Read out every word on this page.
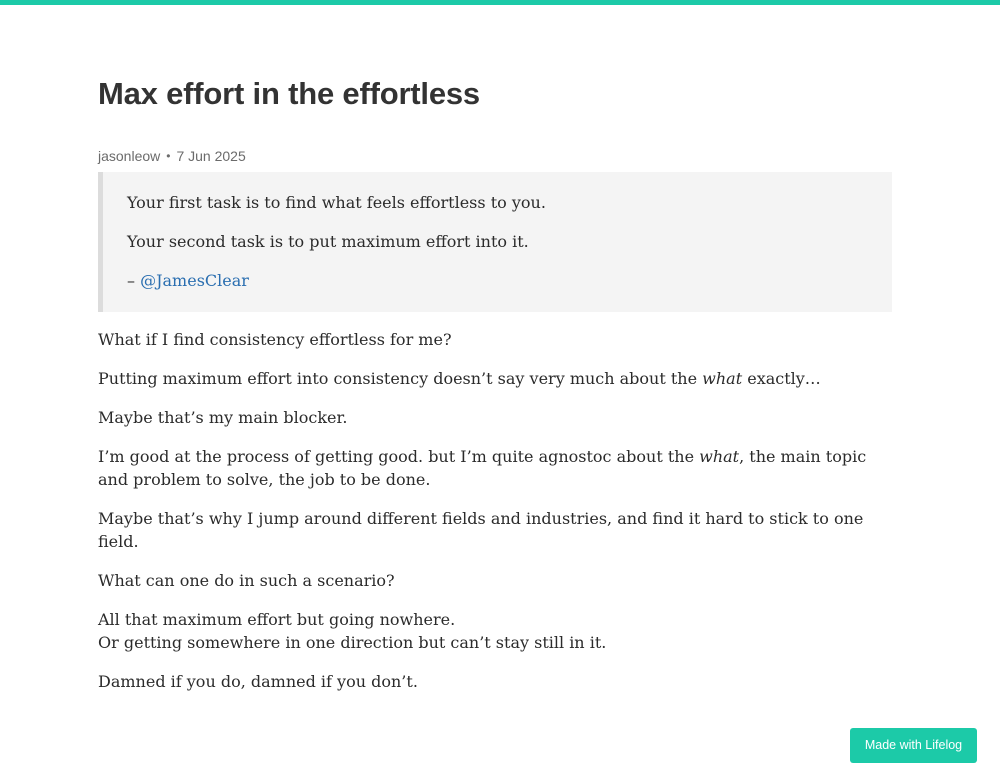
Max effort in the effortless
jasonleow • 7 Jun 2025

Your first task is to find what feels effortless to you.

Your second task is to put maximum effort into it.

– @JamesClear

What if I find consistency effortless for me?

Putting maximum effort into consistency doesn’t say very much about the what exactly…

Maybe that’s my main blocker.

I’m good at the process of getting good. but I’m quite agnostoc about the what, the main topic and problem to solve, the job to be done.

Maybe that’s why I jump around different fields and industries, and find it hard to stick to one field.

What can one do in such a scenario?

All that maximum effort but going nowhere.
Or getting somewhere in one direction but can’t stay still in it.

Damned if you do, damned if you don’t.

Made with Lifelog
